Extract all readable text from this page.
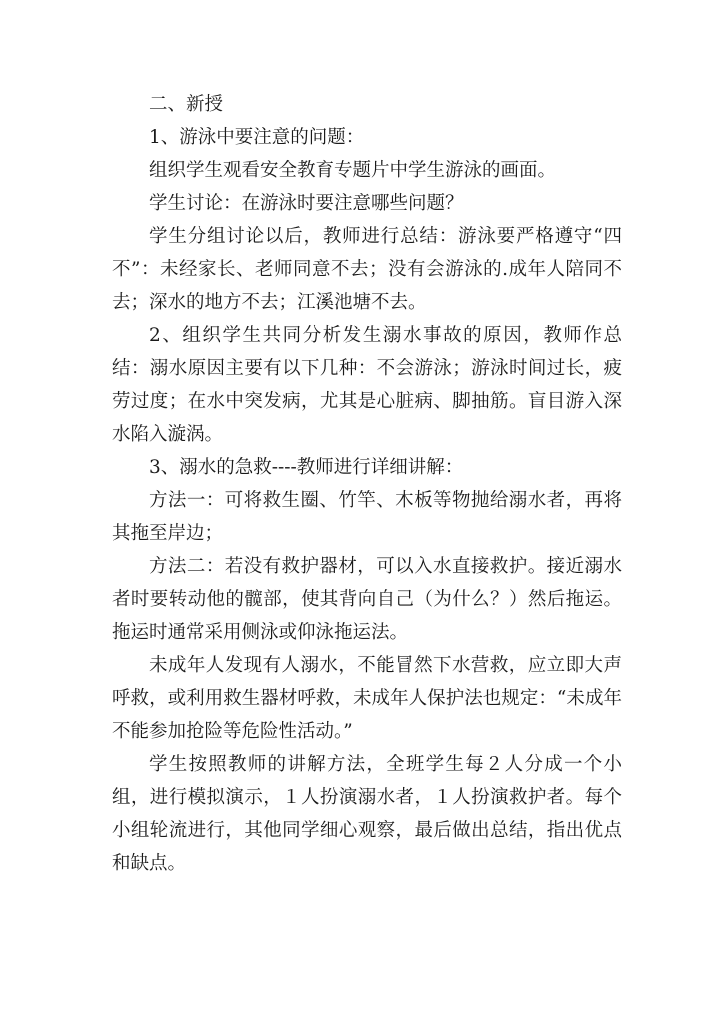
二、新授

1、游泳中要注意的问题：

组织学生观看安全教育专题片中学生游泳的画面。

学生讨论：在游泳时要注意哪些问题？

学生分组讨论以后，教师进行总结：游泳要严格遵守“四不”：未经家长、老师同意不去；没有会游泳的.成年人陪同不去；深水的地方不去；江溪池塘不去。

2、组织学生共同分析发生溺水事故的原因，教师作总结：溺水原因主要有以下几种：不会游泳；游泳时间过长，疲劳过度；在水中突发病，尤其是心脏病、脚抽筋。盲目游入深水陷入漩涡。

3、溺水的急救----教师进行详细讲解：

方法一：可将救生圈、竹竿、木板等物抛给溺水者，再将其拖至岸边；

方法二：若没有救护器材，可以入水直接救护。接近溺水者时要转动他的髋部，使其背向自己（为什么？）然后拖运。拖运时通常采用侧泳或仰泳拖运法。

未成年人发现有人溺水，不能冒然下水营救，应立即大声呼救，或利用救生器材呼救，未成年人保护法也规定：“未成年不能参加抢险等危险性活动。”

学生按照教师的讲解方法，全班学生每２人分成一个小组，进行模拟演示，１人扮演溺水者，１人扮演救护者。每个小组轮流进行，其他同学细心观察，最后做出总结，指出优点和缺点。
